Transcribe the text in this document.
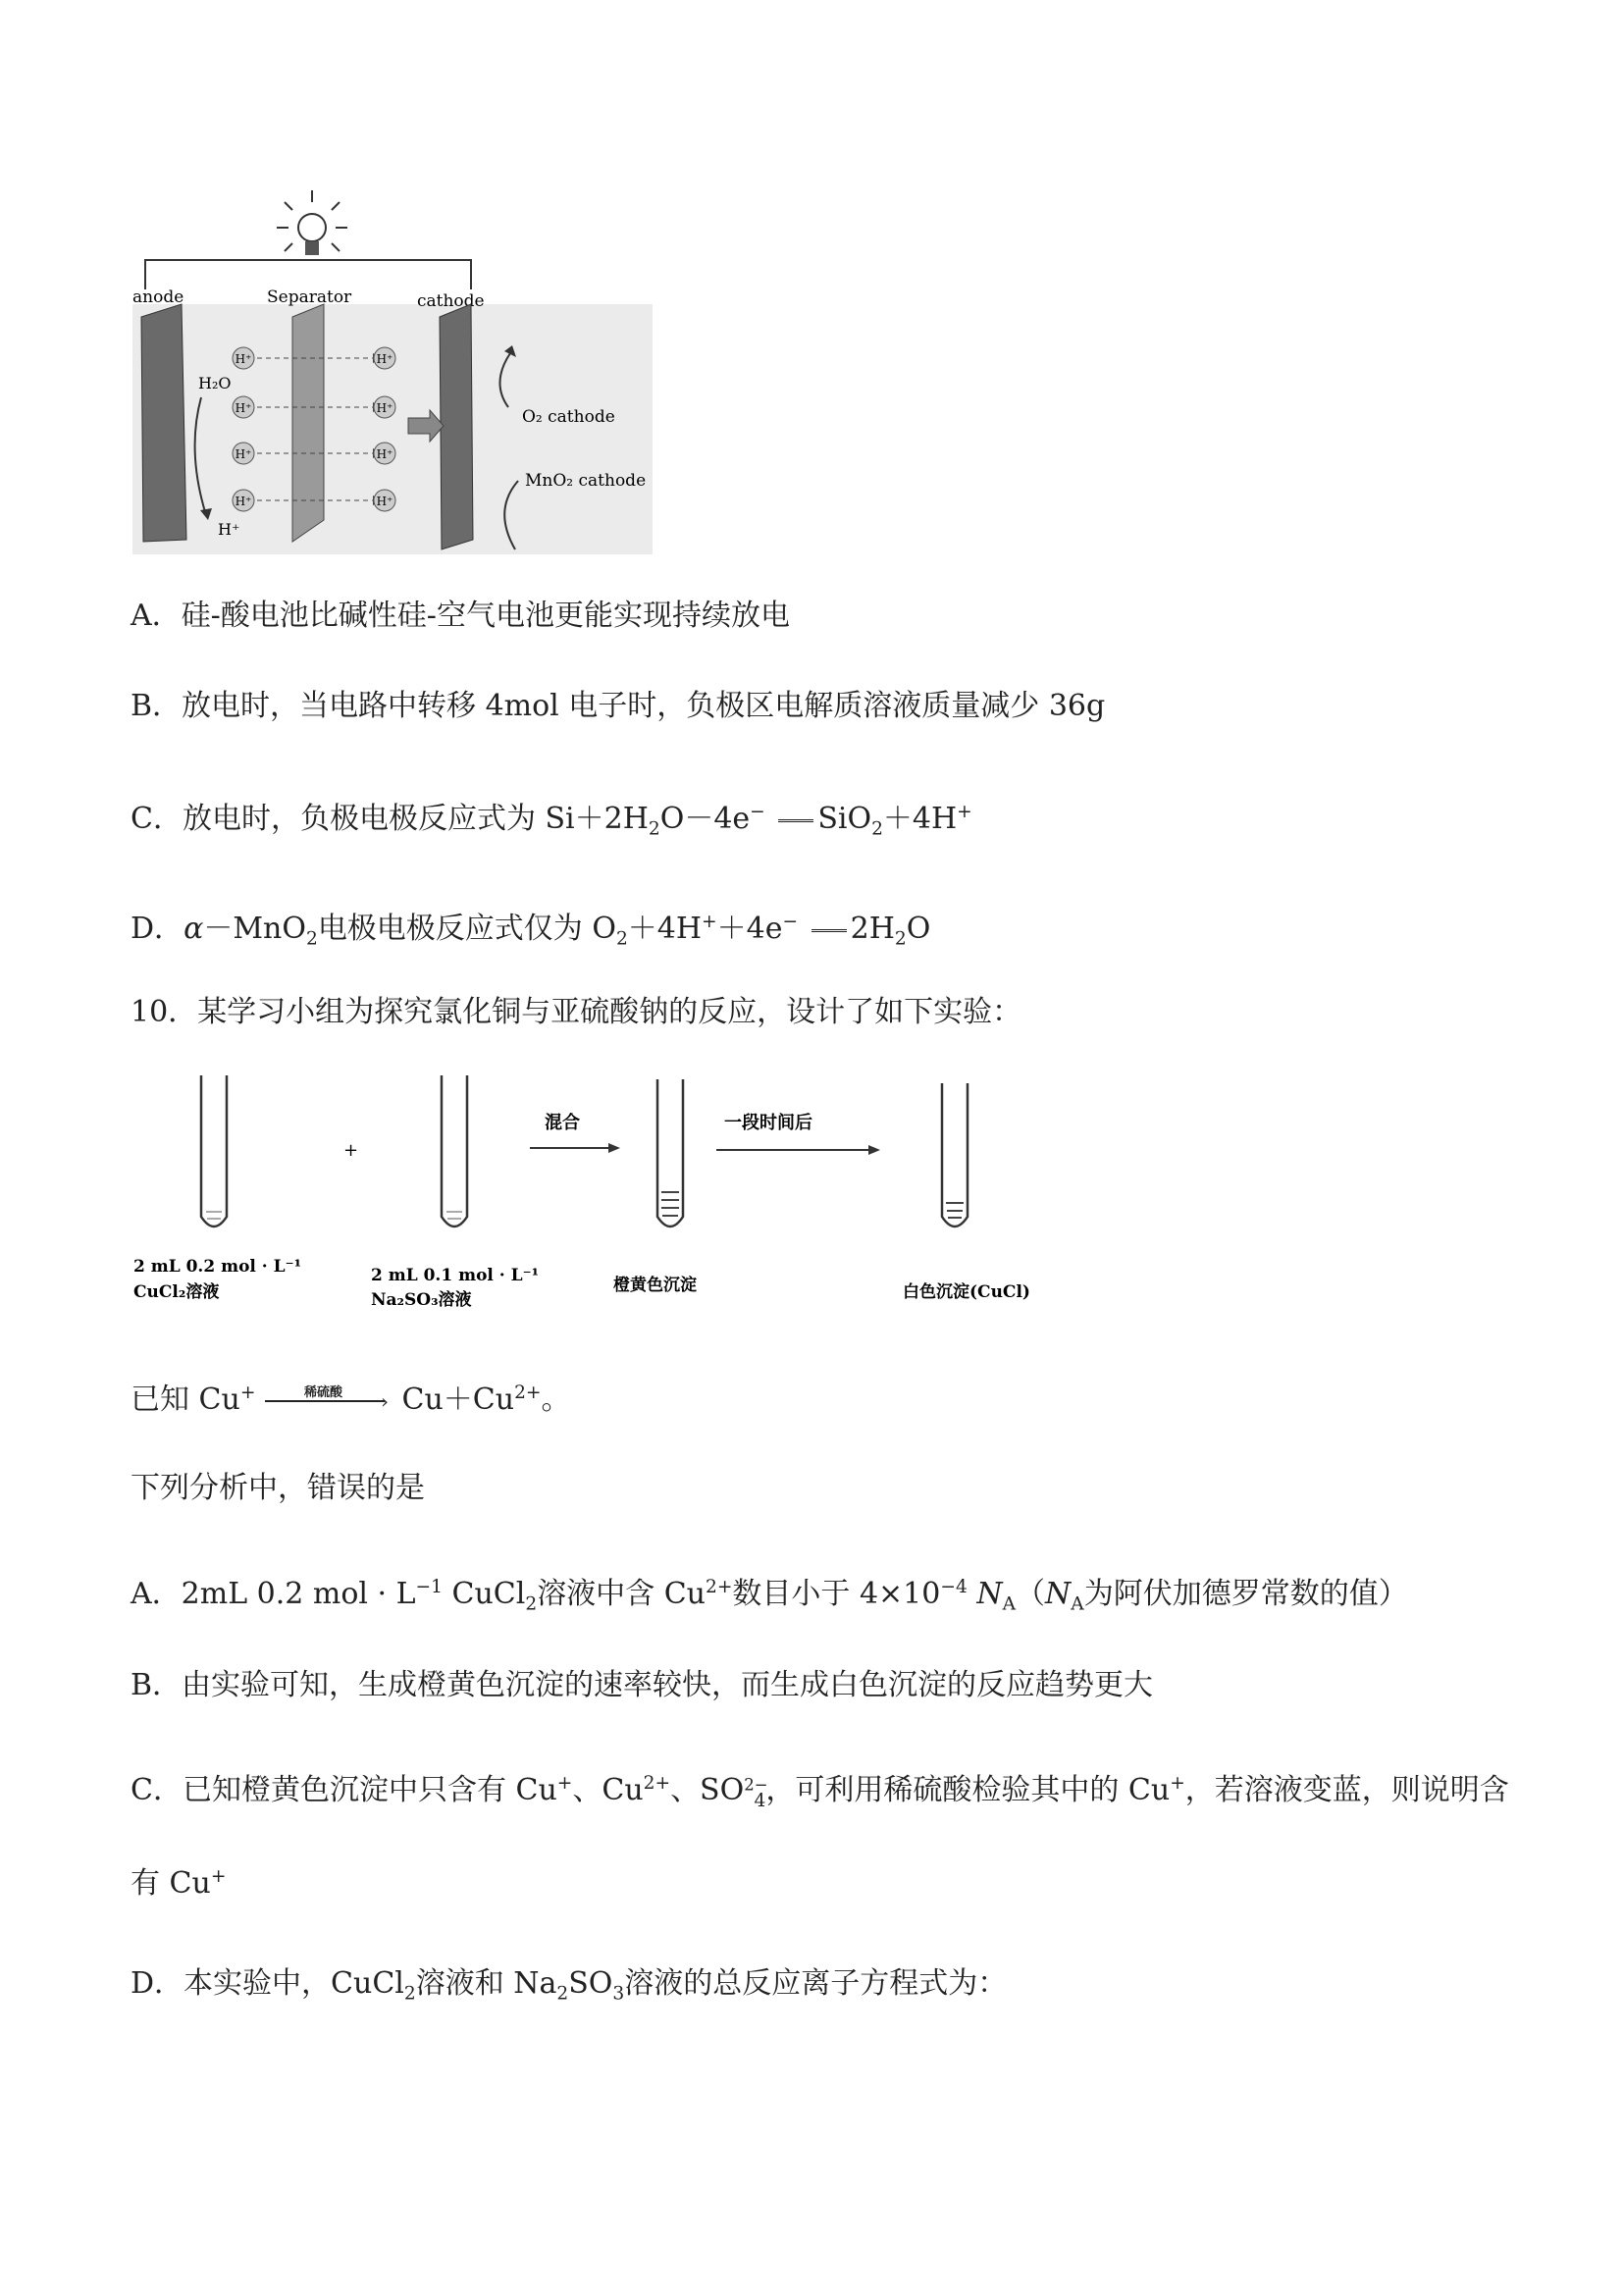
anode	Separator	cathode
H⁺	H⁺
H⁺	H⁺
H⁺	H⁺
H⁺	H⁺
H₂O
H⁺
O₂ cathode
MnO₂ cathode
A．硅-酸电池比碱性硅-空气电池更能实现持续放电
B．放电时，当电路中转移 4mol 电子时，负极区电解质溶液质量减少 36g
C．放电时，负极电极反应式为 $Si+2H_2O-4e^-$ SiO$_2$＋4H+
D．α－MnO$_2$电极电极反应式仅为 $O_2+4H^++4e^-$ $2H_2O$
10．某学习小组为探究氯化铜与亚硫酸钠的反应，设计了如下实验：
+
混合	一段时间后
2 mL 0.2 mol · L⁻¹
CuCl₂溶液
2 mL 0.1 mol · L⁻¹
Na₂SO₃溶液
橙黄色沉淀	白色沉淀(CuCl)
已知 Cu+	稀硫酸 › $Cu+Cu^{2+}$。
下列分析中，错误的是
A．2mL 0.2 mol · $L^{-1}$ CuCl$_2$溶液中含 $Cu^{2+}$数目小于 $4\times 10^{-4}$ $N_A(N_A$为阿伏加德罗常数的值）
B．由实验可知，生成橙黄色沉淀的速率较快，而生成白色沉淀的反应趋势更大
C．已知橙黄色沉淀中只含有 Cu+、$Cu^{2+}$、$SO^{2-}_4$，可利用稀硫酸检验其中的 Cu+，若溶液变蓝，则说明含
有 Cu+
D．本实验中，CuCl$_2$溶液和 $Na_2SO_3$溶液的总反应离子方程式为：
